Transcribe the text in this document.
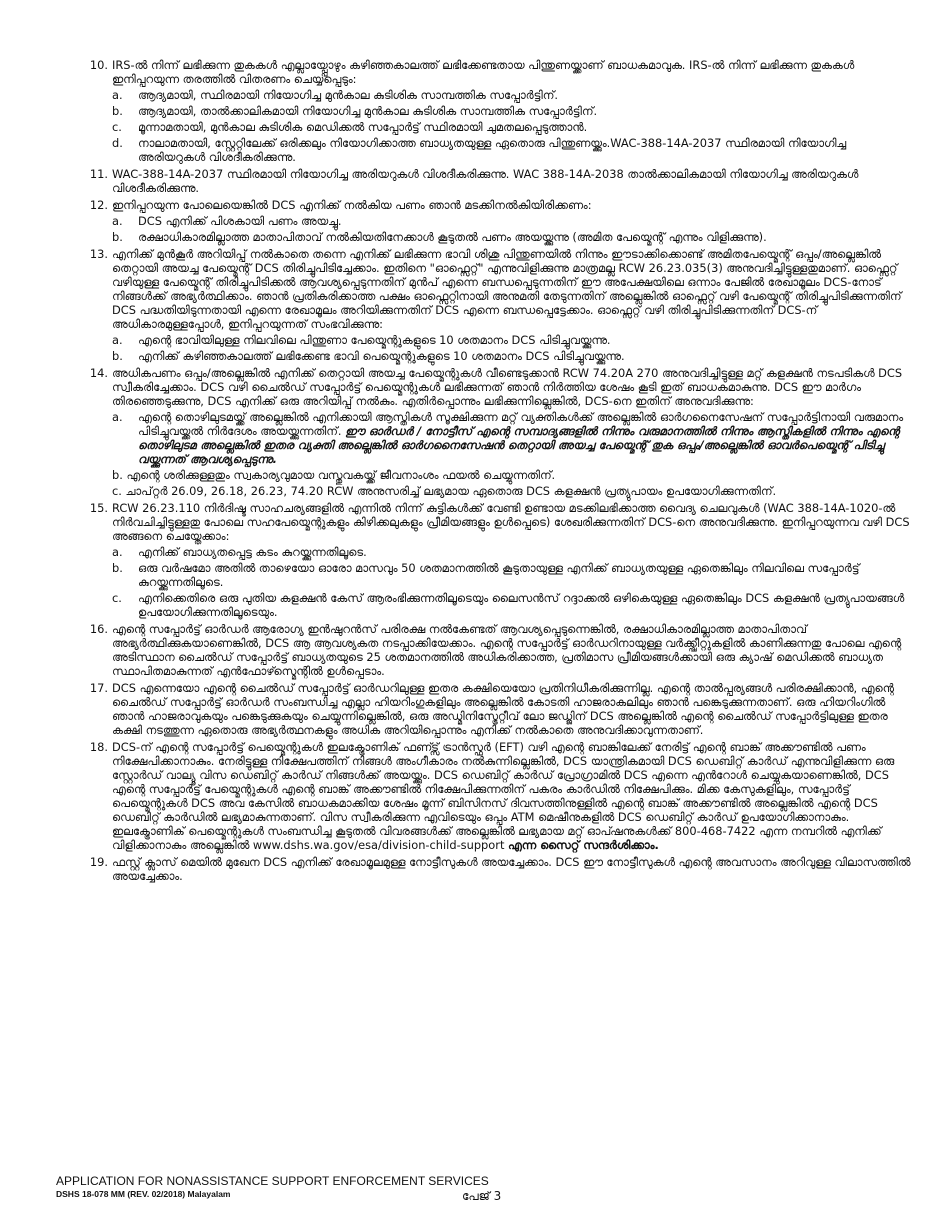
10. IRS-ൽ നിന്ന് ലഭിക്കുന്ന തുകകൾ എല്ലായ്പ്പോഴും കഴിഞ്ഞകാലത്ത് ലഭിക്കേണ്ടതായ പിന്തുണയ്ക്കാണ് ബാധകമാവുക. IRS-ൽ നിന്ന് ലഭിക്കുന്ന തുകകൾ ഇനിപ്പറയുന്ന തരത്തിൽ വിതരണം ചെയ്യപ്പെടും:
a. ആദ്യമായി, സ്ഥിരമായി നിയോഗിച്ച മുൻകാല കുടിശിക സാമ്പത്തിക സപ്പോർട്ടിന്.
b. ആദ്യമായി, താൽക്കാലികമായി നിയോഗിച്ച മുൻകാല കുടിശിക സാമ്പത്തിക സപ്പോർട്ടിന്.
c. മൂന്നാമതായി, മുൻകാല കുടിശിക മെഡിക്കൽ സപ്പോർട്ട് സ്ഥിരമായി ചുമതലപ്പെടുത്താൻ.
d. നാലാമതായി, സ്റ്റേറ്റിലേക്ക് ഒരിക്കലും നിയോഗിക്കാത്ത ബാധ്യതയുള്ള ഏതൊരു പിന്തുണയ്ക്കും.WAC-388-14A-2037 സ്ഥിരമായി നിയോഗിച്ച അരിയറുകൾ വിശദീകരിക്കുന്നു.
11. WAC-388-14A-2037 സ്ഥിരമായി നിയോഗിച്ച അരിയറുകൾ വിശദീകരിക്കുന്നു. WAC 388-14A-2038 താൽക്കാലികമായി നിയോഗിച്ച അരിയറുകൾ വിശദീകരിക്കുന്നു.
12. ഇനിപ്പറയുന്ന പോലെയെങ്കിൽ DCS എനിക്ക് നൽകിയ പണം ഞാൻ മടക്കിനൽകിയിരിക്കണം:
a. DCS എനിക്ക് പിശകായി പണം അയച്ചു.
b. രക്ഷാധികാരമില്ലാത്ത മാതാപിതാവ് നൽകിയതിനേക്കാൾ കൂടുതൽ പണം അയയ്ക്കുന്നു (അമിത പേയ്മെന്റ് എന്നും വിളിക്കുന്നു).
13. എനിക്ക് മുൻകൂർ അറിയിപ്പ് നൽകാതെ തന്നെ എനിക്ക് ലഭിക്കുന്ന ഭാവി ശിശു പിന്തുണയിൽ നിന്നും ഈടാക്കിക്കൊണ്ട് അമിതപേയ്മെന്റ് ഒപ്പം/അല്ലെങ്കിൽ തെറ്റായി അയച്ച പേയ്മെന്റ് DCS തിരിച്ചുപിടിച്ചേക്കാം. ഇതിനെ "ഓഫ്സെറ്റ്" എന്നുവിളിക്കുന്നു മാത്രമല്ല RCW 26.23.035(3) അനുവദിച്ചിട്ടുള്ളതുമാണ്. ഓഫ്സെറ്റ് വഴിയുള്ള പേയ്മെന്റ് തിരിച്ചുപിടിക്കൽ ആവശ്യപ്പെടുന്നതിന് മുൻപ് എന്നെ ബന്ധപ്പെടുന്നതിന് ഈ അപേക്ഷയിലെ ഒന്നാം പേജിൽ രേഖാമൂലം DCS-നോട് നിങ്ങൾക്ക് അഭ്യർത്ഥിക്കാം. ഞാൻ പ്രതികരിക്കാത്ത പക്ഷം ഓഫ്സെറ്റിനായി അനുമതി തേടുന്നതിന് അല്ലെങ്കിൽ ഓഫ്സെറ്റ് വഴി പേയ്മെന്റ് തിരിച്ചുപിടിക്കുന്നതിന് DCS പദ്ധതിയിടുന്നതായി എന്നെ രേഖാമൂലം അറിയിക്കുന്നതിന് DCS എന്നെ ബന്ധപ്പെട്ടേക്കാം. ഓഫ്സെറ്റ് വഴി തിരിച്ചുപിടിക്കുന്നതിന് DCS-ന് അധികാരമുള്ളപ്പോൾ, ഇനിപ്പറയുന്നത് സംഭവിക്കുന്നു:
a. എന്റെ ഭാവിയിലുള്ള നിലവിലെ പിന്തുണാ പേയ്മെന്റുകളുടെ 10 ശതമാനം DCS പിടിച്ചുവയ്ക്കുന്നു.
b. എനിക്ക് കഴിഞ്ഞകാലത്ത് ലഭിക്കേണ്ട ഭാവി പെയ്മെന്റുകളുടെ 10 ശതമാനം DCS പിടിച്ചുവയ്ക്കുന്നു.
14. അധികപണം ഒപ്പം/അല്ലെങ്കിൽ എനിക്ക് തെറ്റായി അയച്ച പേയ്മെന്റുകൾ വീണ്ടെടുക്കാൻ RCW 74.20A 270 അനുവദിച്ചിട്ടുള്ള മറ്റ് കളക്ഷൻ നടപടികൾ DCS സ്വീകരിച്ചേക്കാം. DCS വഴി ചൈൽഡ് സപ്പോർട്ട് പെയ്മെന്റുകൾ ലഭിക്കുന്നത് ഞാൻ നിർത്തിയ ശേഷം കൂടി ഇത് ബാധകമാകുന്നു. DCS ഈ മാർഗം തിരഞ്ഞെടുക്കുന്നു, DCS എനിക്ക് ഒരു അറിയിപ്പ് നൽകും. എതിർപ്പൊന്നും ലഭിക്കുന്നില്ലെങ്കിൽ, DCS-നെ ഇതിന് അനുവദിക്കുന്നു:
a. എന്റെ തൊഴിലുടമയ്ക്ക് അല്ലെങ്കിൽ എനിക്കായി ആസ്തികൾ സൂക്ഷിക്കുന്ന മറ്റ് വ്യക്തികൾക്ക് അല്ലെങ്കിൽ ഓർഗനൈസേഷന് സപ്പോർട്ടിനായി വരുമാനം പിടിച്ചുവയ്ക്കൽ നിർദേശം അയയ്ക്കുന്നതിന്. ഈ ഓർഡർ / നോട്ടീസ് എന്റെ സമ്പാദ്യങ്ങളിൽ നിന്നും വരുമാനത്തിൽ നിന്നും ആസ്തികളിൽ നിന്നും എന്റെ തൊഴിലുടമ അല്ലെങ്കിൽ ഇതര വ്യക്തി അല്ലെങ്കിൽ ഓർഗനൈസേഷൻ തെറ്റായി അയച്ച പേയ്മെന്റ് തുക ഒപ്പം/അല്ലെങ്കിൽ ഓവർപെയ്മെന്റ് പിടിച്ചു വയ്ക്കുന്നത് ആവശ്യപ്പെടുന്നു.
b. എന്റെ ശരിക്കുള്ളതും സ്വകാര്യവുമായ വസ്തുവകയ്ക്ക് ജീവനാംശം ഫയൽ ചെയ്യുന്നതിന്.
c. ചാപ്റ്റർ 26.09, 26.18, 26.23, 74.20 RCW അനുസരിച്ച് ലഭ്യമായ ഏതൊരു DCS കളക്ഷൻ പ്രത്യുപായം ഉപയോഗിക്കുന്നതിന്.
15. RCW 26.23.110 നിർദിഷ്ട സാഹചര്യങ്ങളിൽ എന്നിൽ നിന്ന് കുട്ടികൾക്ക് വേണ്ടി ഉണ്ടായ മടക്കിലഭിക്കാത്ത വൈദ്യ ചെലവുകൾ (WAC 388-14A-1020-ൽ നിർവചിച്ചിട്ടുള്ളതു പോലെ സഹപേയ്മെന്റുകളും കിഴിക്കലുകളും പ്രീമിയങ്ങളും ഉൾപ്പെടെ) ശേഖരിക്കുന്നതിന് DCS-നെ അനുവദിക്കുന്നു. ഇനിപ്പറയുന്നവ വഴി DCS അങ്ങനെ ചെയ്തേക്കാം:
a. എനിക്ക് ബാധ്യതപ്പെട്ട കടം കുറയ്ക്കുന്നതിലൂടെ.
b. ഒരു വർഷമോ അതിൽ താഴെയോ ഓരോ മാസവും 50 ശതമാനത്തിൽ കൂടുതായുള്ള എനിക്ക് ബാധ്യതയുള്ള ഏതെങ്കിലും നിലവിലെ സപ്പോർട്ട് കുറയ്ക്കുന്നതിലൂടെ.
c. എനിക്കെതിരെ ഒരു പുതിയ കളക്ഷൻ കേസ് ആരംഭിക്കുന്നതിലൂടെയും ലൈസൻസ് റദ്ദാക്കൽ ഒഴികെയുള്ള ഏതെങ്കിലും DCS കളക്ഷൻ പ്രത്യുപായങ്ങൾ ഉപയോഗിക്കുന്നതിലൂടെയും.
16. എന്റെ സപ്പോർട്ട് ഓർഡർ ആരോഗ്യ ഇൻഷുറൻസ് പരിരക്ഷ നൽകേണ്ടത് ആവശ്യപ്പെടുന്നെങ്കിൽ, രക്ഷാധികാരമില്ലാത്ത മാതാപിതാവ് അഭ്യർത്ഥിക്കുകയാണെങ്കിൽ, DCS ആ ആവശ്യകത നടപ്പാക്കിയേക്കാം. എന്റെ സപ്പോർട്ട് ഓർഡറിനായുള്ള വർക്ക്ഷീറ്റുകളിൽ കാണിക്കുന്നതു പോലെ എന്റെ അടിസ്ഥാന ചൈൽഡ് സപ്പോർട്ട് ബാധ്യതയുടെ 25 ശതമാനത്തിൽ അധികരിക്കാത്ത, പ്രതിമാസ പ്രീമിയങ്ങൾക്കായി ഒരു ക്യാഷ് മെഡിക്കൽ ബാധ്യത സ്ഥാപിതമാകുന്നത് എൻഫോഴ്സ്മെന്റിൽ ഉൾപ്പെടാം.
17. DCS എന്നെയോ എന്റെ ചൈൽഡ് സപ്പോർട്ട് ഓർഡറിലുള്ള ഇതര കക്ഷിയെയോ പ്രതിനിധീകരിക്കുന്നില്ല. എന്റെ താൽപ്പര്യങ്ങൾ പരിരക്ഷിക്കാൻ, എന്റെ ചൈൽഡ് സപ്പോർട്ട് ഓർഡർ സംബന്ധിച്ച എല്ലാ ഹിയറിംഗുകളിലും അല്ലെങ്കിൽ കോടതി ഹാജരാകലിലും ഞാൻ പങ്കെടുക്കുന്നതാണ്. ഒരു ഹിയറിംഗിൽ ഞാൻ ഹാജരാവുകയും പങ്കെടുക്കുകയും ചെയ്യുന്നില്ലെങ്കിൽ, ഒരു അഡ്മിനിസ്ട്രേറ്റീവ് ലോ ജഡ്ജിന് DCS അല്ലെങ്കിൽ എന്റെ ചൈൽഡ് സപ്പോർട്ടിലുള്ള ഇതര കക്ഷി നടത്തുന്ന ഏതൊരു അഭ്യർത്ഥനകളും അധിക അറിയിപ്പൊന്നും എനിക്ക് നൽകാതെ അനുവദിക്കാവുന്നതാണ്.
18. DCS-ന് എന്റെ സപ്പോർട്ട് പെയ്മെന്റുകൾ ഇലക്ട്രോണിക് ഫണ്ട്സ് ട്രാൻസ്ഫർ (EFT) വഴി എന്റെ ബാങ്കിലേക്ക് നേരിട്ട് എന്റെ ബാങ്ക് അക്കൗണ്ടിൽ പണം നിക്ഷേപിക്കാനാകും. നേരിട്ടുള്ള നിക്ഷേപത്തിന് നിങ്ങൾ അംഗീകാരം നൽകുന്നില്ലെങ്കിൽ, DCS യാന്ത്രികമായി DCS ഡെബിറ്റ് കാർഡ് എന്നുവിളിക്കുന്ന ഒരു സ്റ്റോർഡ് വാല്യൂ വിസ ഡെബിറ്റ് കാർഡ് നിങ്ങൾക്ക് അയയ്ക്കും. DCS ഡെബിറ്റ് കാർഡ് പ്രോഗ്രാമിൽ DCS എന്നെ എൻറോൾ ചെയ്യുകയാണെങ്കിൽ, DCS എന്റെ സപ്പോർട്ട് പേയ്മെന്റുകൾ എന്റെ ബാങ്ക് അക്കൗണ്ടിൽ നിക്ഷേപിക്കുന്നതിന് പകരം കാർഡിൽ നിക്ഷേപിക്കും. മിക്ക കേസുകളിലും, സപ്പോർട്ട് പെയ്മെന്റുകൾ DCS അവ കേസിൽ ബാധകമാക്കിയ ശേഷം മൂന്ന് ബിസിനസ് ദിവസത്തിനുള്ളിൽ എന്റെ ബാങ്ക് അക്കൗണ്ടിൽ അല്ലെങ്കിൽ എന്റെ DCS ഡെബിറ്റ് കാർഡിൽ ലഭ്യമാകുന്നതാണ്. വിസ സ്വീകരിക്കുന്ന എവിടെയും ഒപ്പം ATM മെഷീനുകളിൽ DCS ഡെബിറ്റ് കാർഡ് ഉപയോഗിക്കാനാകും. ഇലക്ട്രോണിക് പെയ്മെന്റുകൾ സംബന്ധിച്ച കൂടുതൽ വിവരങ്ങൾക്ക് അല്ലെങ്കിൽ ലഭ്യമായ മറ്റ് ഓപ്ഷനുകൾക്ക് 800-468-7422 എന്ന നമ്പറിൽ എനിക്ക് വിളിക്കാനാകും അല്ലെങ്കിൽ www.dshs.wa.gov/esa/division-child-support എന്ന സൈറ്റ് സന്ദർശിക്കാം.
19. ഫസ്റ്റ് ക്ലാസ് മെയിൽ മുഖേന DCS എനിക്ക് രേഖാമൂലമുള്ള നോട്ടീസുകൾ അയച്ചേക്കാം. DCS ഈ നോട്ടീസുകൾ എന്റെ അവസാനം അറിവുള്ള വിലാസത്തിൽ അയച്ചേക്കാം.
APPLICATION FOR NONASSISTANCE SUPPORT ENFORCEMENT SERVICES
DSHS 18-078 MM (REV. 02/2018) Malayalam	പേജ് 3
